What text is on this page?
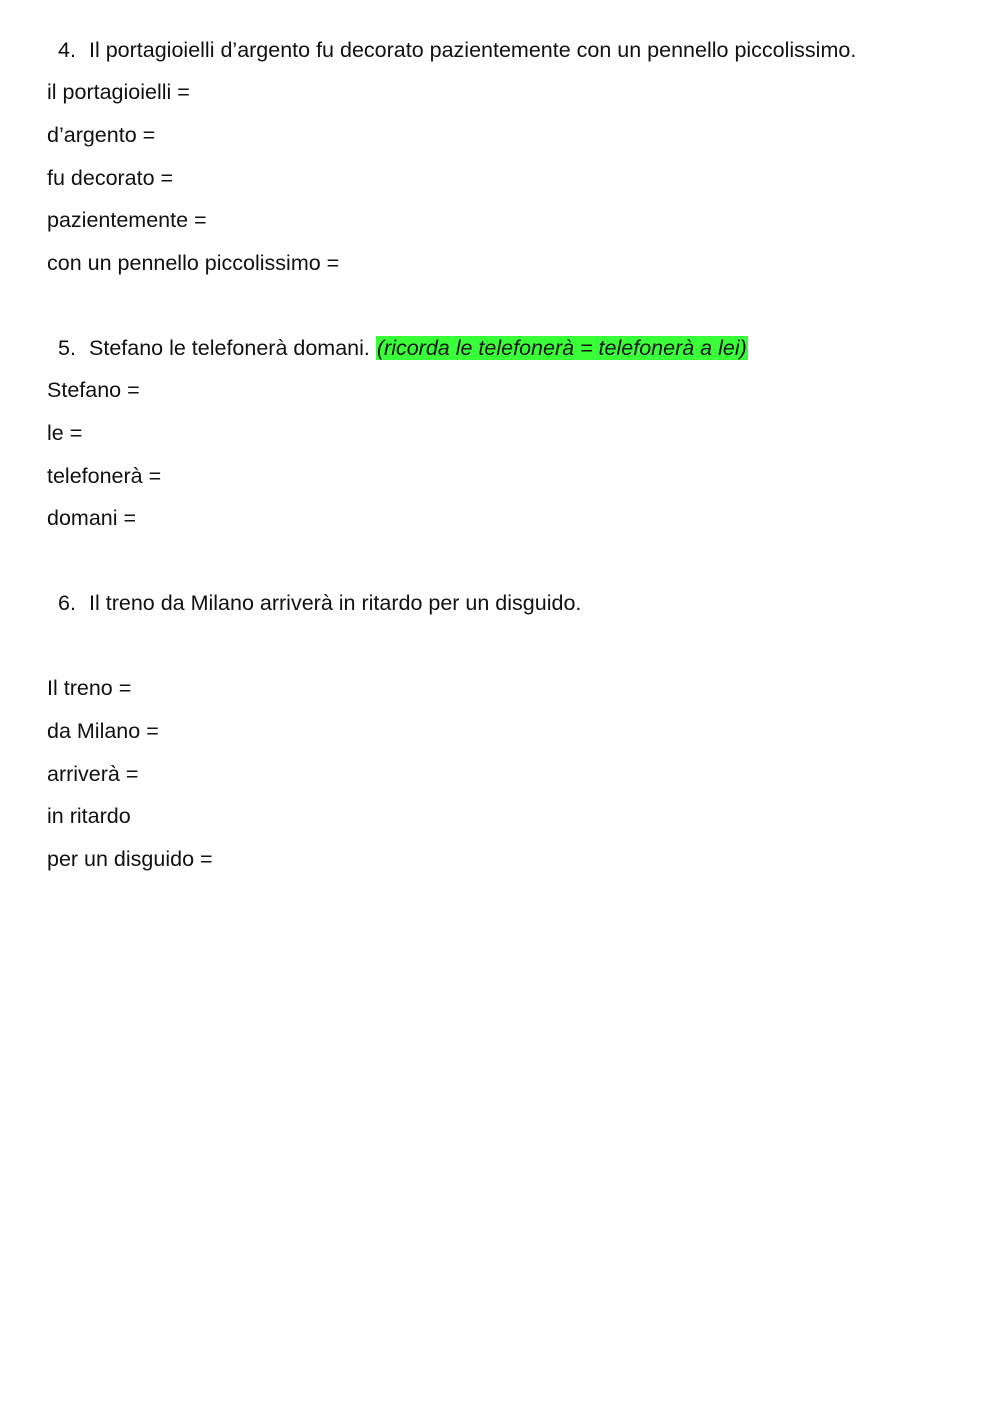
4. Il portagioielli d’argento fu decorato pazientemente con un pennello piccolissimo.
il portagioielli =
d’argento =
fu decorato =
pazientemente =
con un pennello piccolissimo =
5. Stefano le telefonerà domani. (ricorda le telefonerà = telefonerà a lei)
Stefano =
le =
telefonerà =
domani =
6. Il treno da Milano arriverà in ritardo per un disguido.
Il treno =
da Milano =
arriverà =
in ritardo
per un disguido =
